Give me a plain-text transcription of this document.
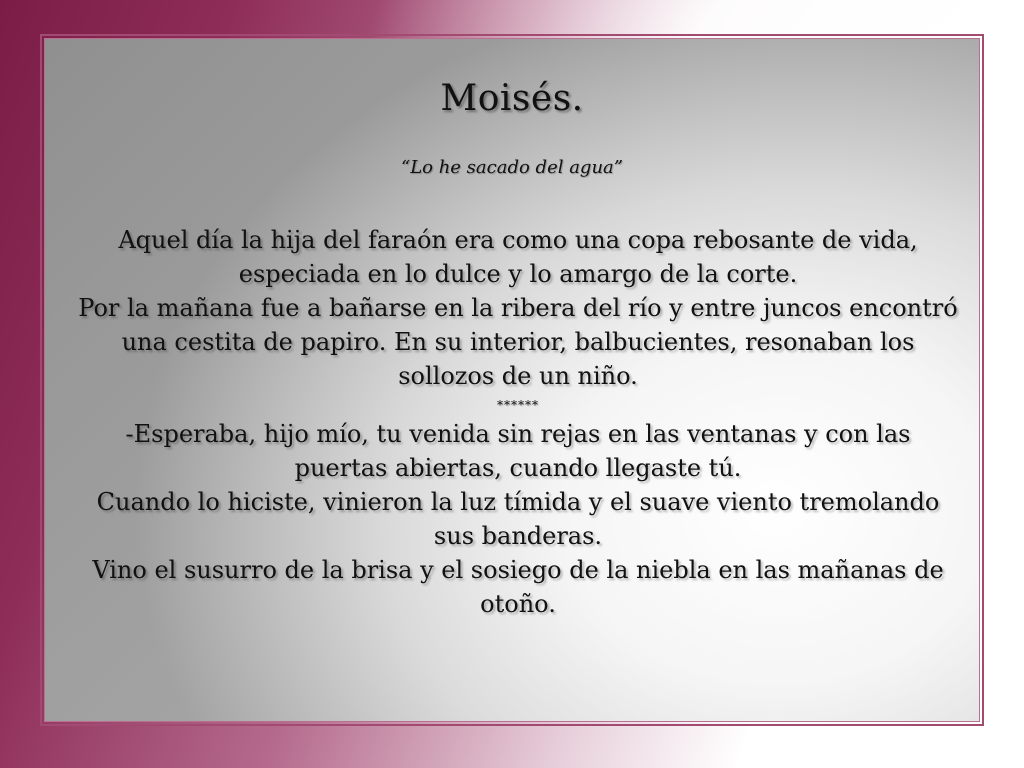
Moisés.
“Lo he sacado del agua”

Aquel día la hija del faraón era como una copa rebosante de vida, especiada en lo dulce y lo amargo de la corte.

Por la mañana fue a bañarse en la ribera del río y entre juncos encontró una cestita de papiro. En su interior, balbucientes, resonaban los sollozos de un niño.

******

-Esperaba, hijo mío, tu venida sin rejas en las ventanas y con las puertas abiertas, cuando llegaste tú.

Cuando lo hiciste, vinieron la luz tímida y el suave viento tremolando sus banderas.

Vino el susurro de la brisa y el sosiego de la niebla en las mañanas de otoño.
